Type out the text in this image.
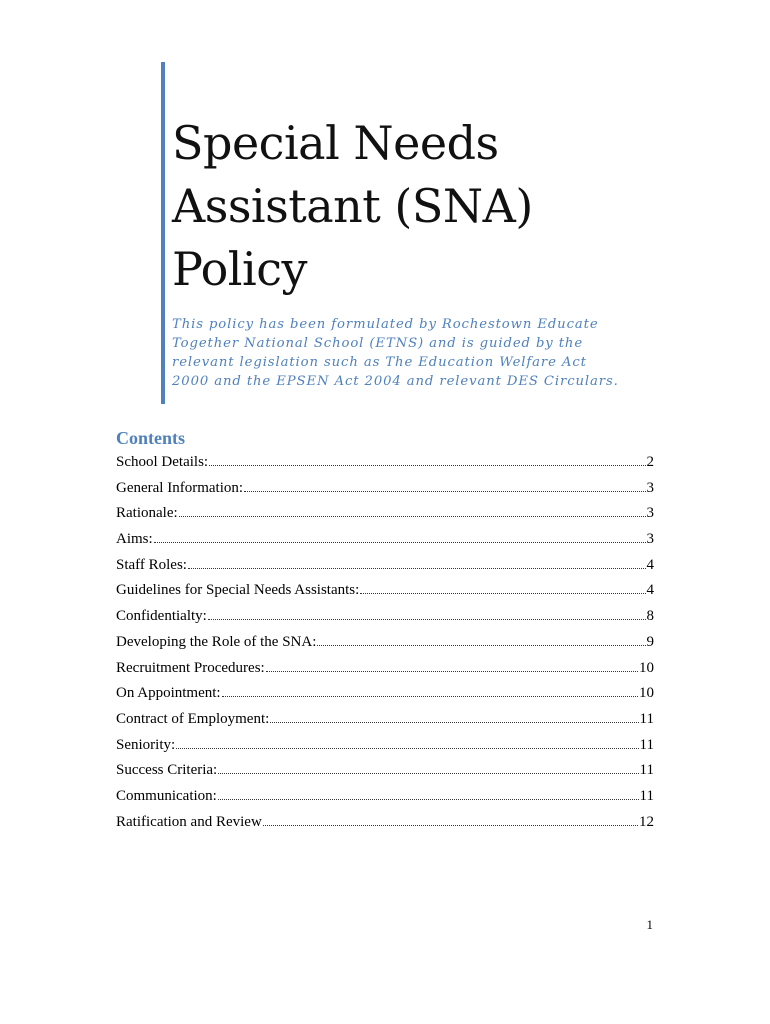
Special Needs
Assistant (SNA)
Policy

This policy has been formulated by Rochestown Educate
Together National School (ETNS) and is guided by the
relevant legislation such as The Education Welfare Act
2000 and the EPSEN Act 2004 and relevant DES Circulars.

Contents
School Details:	2
General Information:	3
Rationale:	3
Aims:	3
Staff Roles:	4
Guidelines for Special Needs Assistants:	4
Confidentialty:	8
Developing the Role of the SNA:	9
Recruitment Procedures:	10
On Appointment:	10
Contract of Employment:	11
Seniority:	11
Success Criteria:	11
Communication:	11
Ratification and Review	12
1
